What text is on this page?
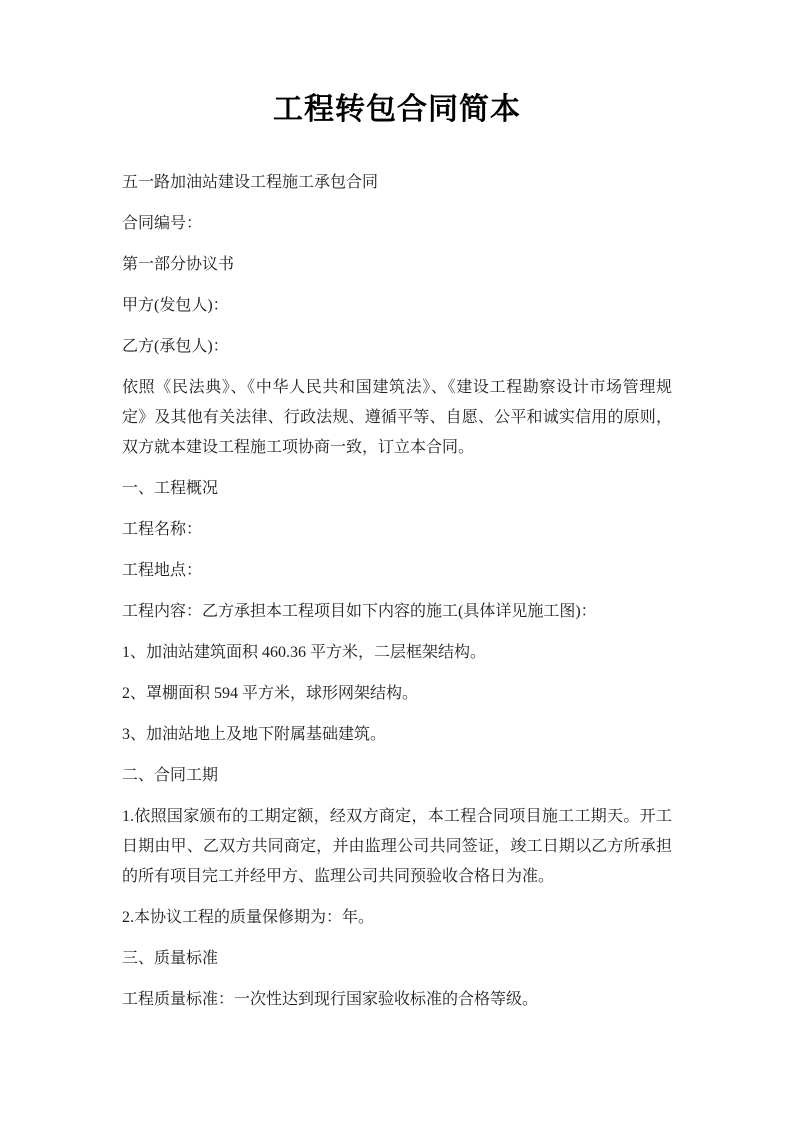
工程转包合同简本

五一路加油站建设工程施工承包合同

合同编号：

第一部分协议书

甲方(发包人)：

乙方(承包人)：

依照《民法典》、《中华人民共和国建筑法》、《建设工程勘察设计市场管理规定》及其他有关法律、行政法规、遵循平等、自愿、公平和诚实信用的原则，双方就本建设工程施工项协商一致，订立本合同。

一、工程概况

工程名称：

工程地点：

工程内容：乙方承担本工程项目如下内容的施工(具体详见施工图)：

1、加油站建筑面积 460.36 平方米，二层框架结构。

2、罩棚面积 594 平方米，球形网架结构。

3、加油站地上及地下附属基础建筑。

二、合同工期

1.依照国家颁布的工期定额，经双方商定，本工程合同项目施工工期天。开工日期由甲、乙双方共同商定，并由监理公司共同签证，竣工日期以乙方所承担的所有项目完工并经甲方、监理公司共同预验收合格日为准。

2.本协议工程的质量保修期为：年。

三、质量标准

工程质量标准：一次性达到现行国家验收标准的合格等级。
